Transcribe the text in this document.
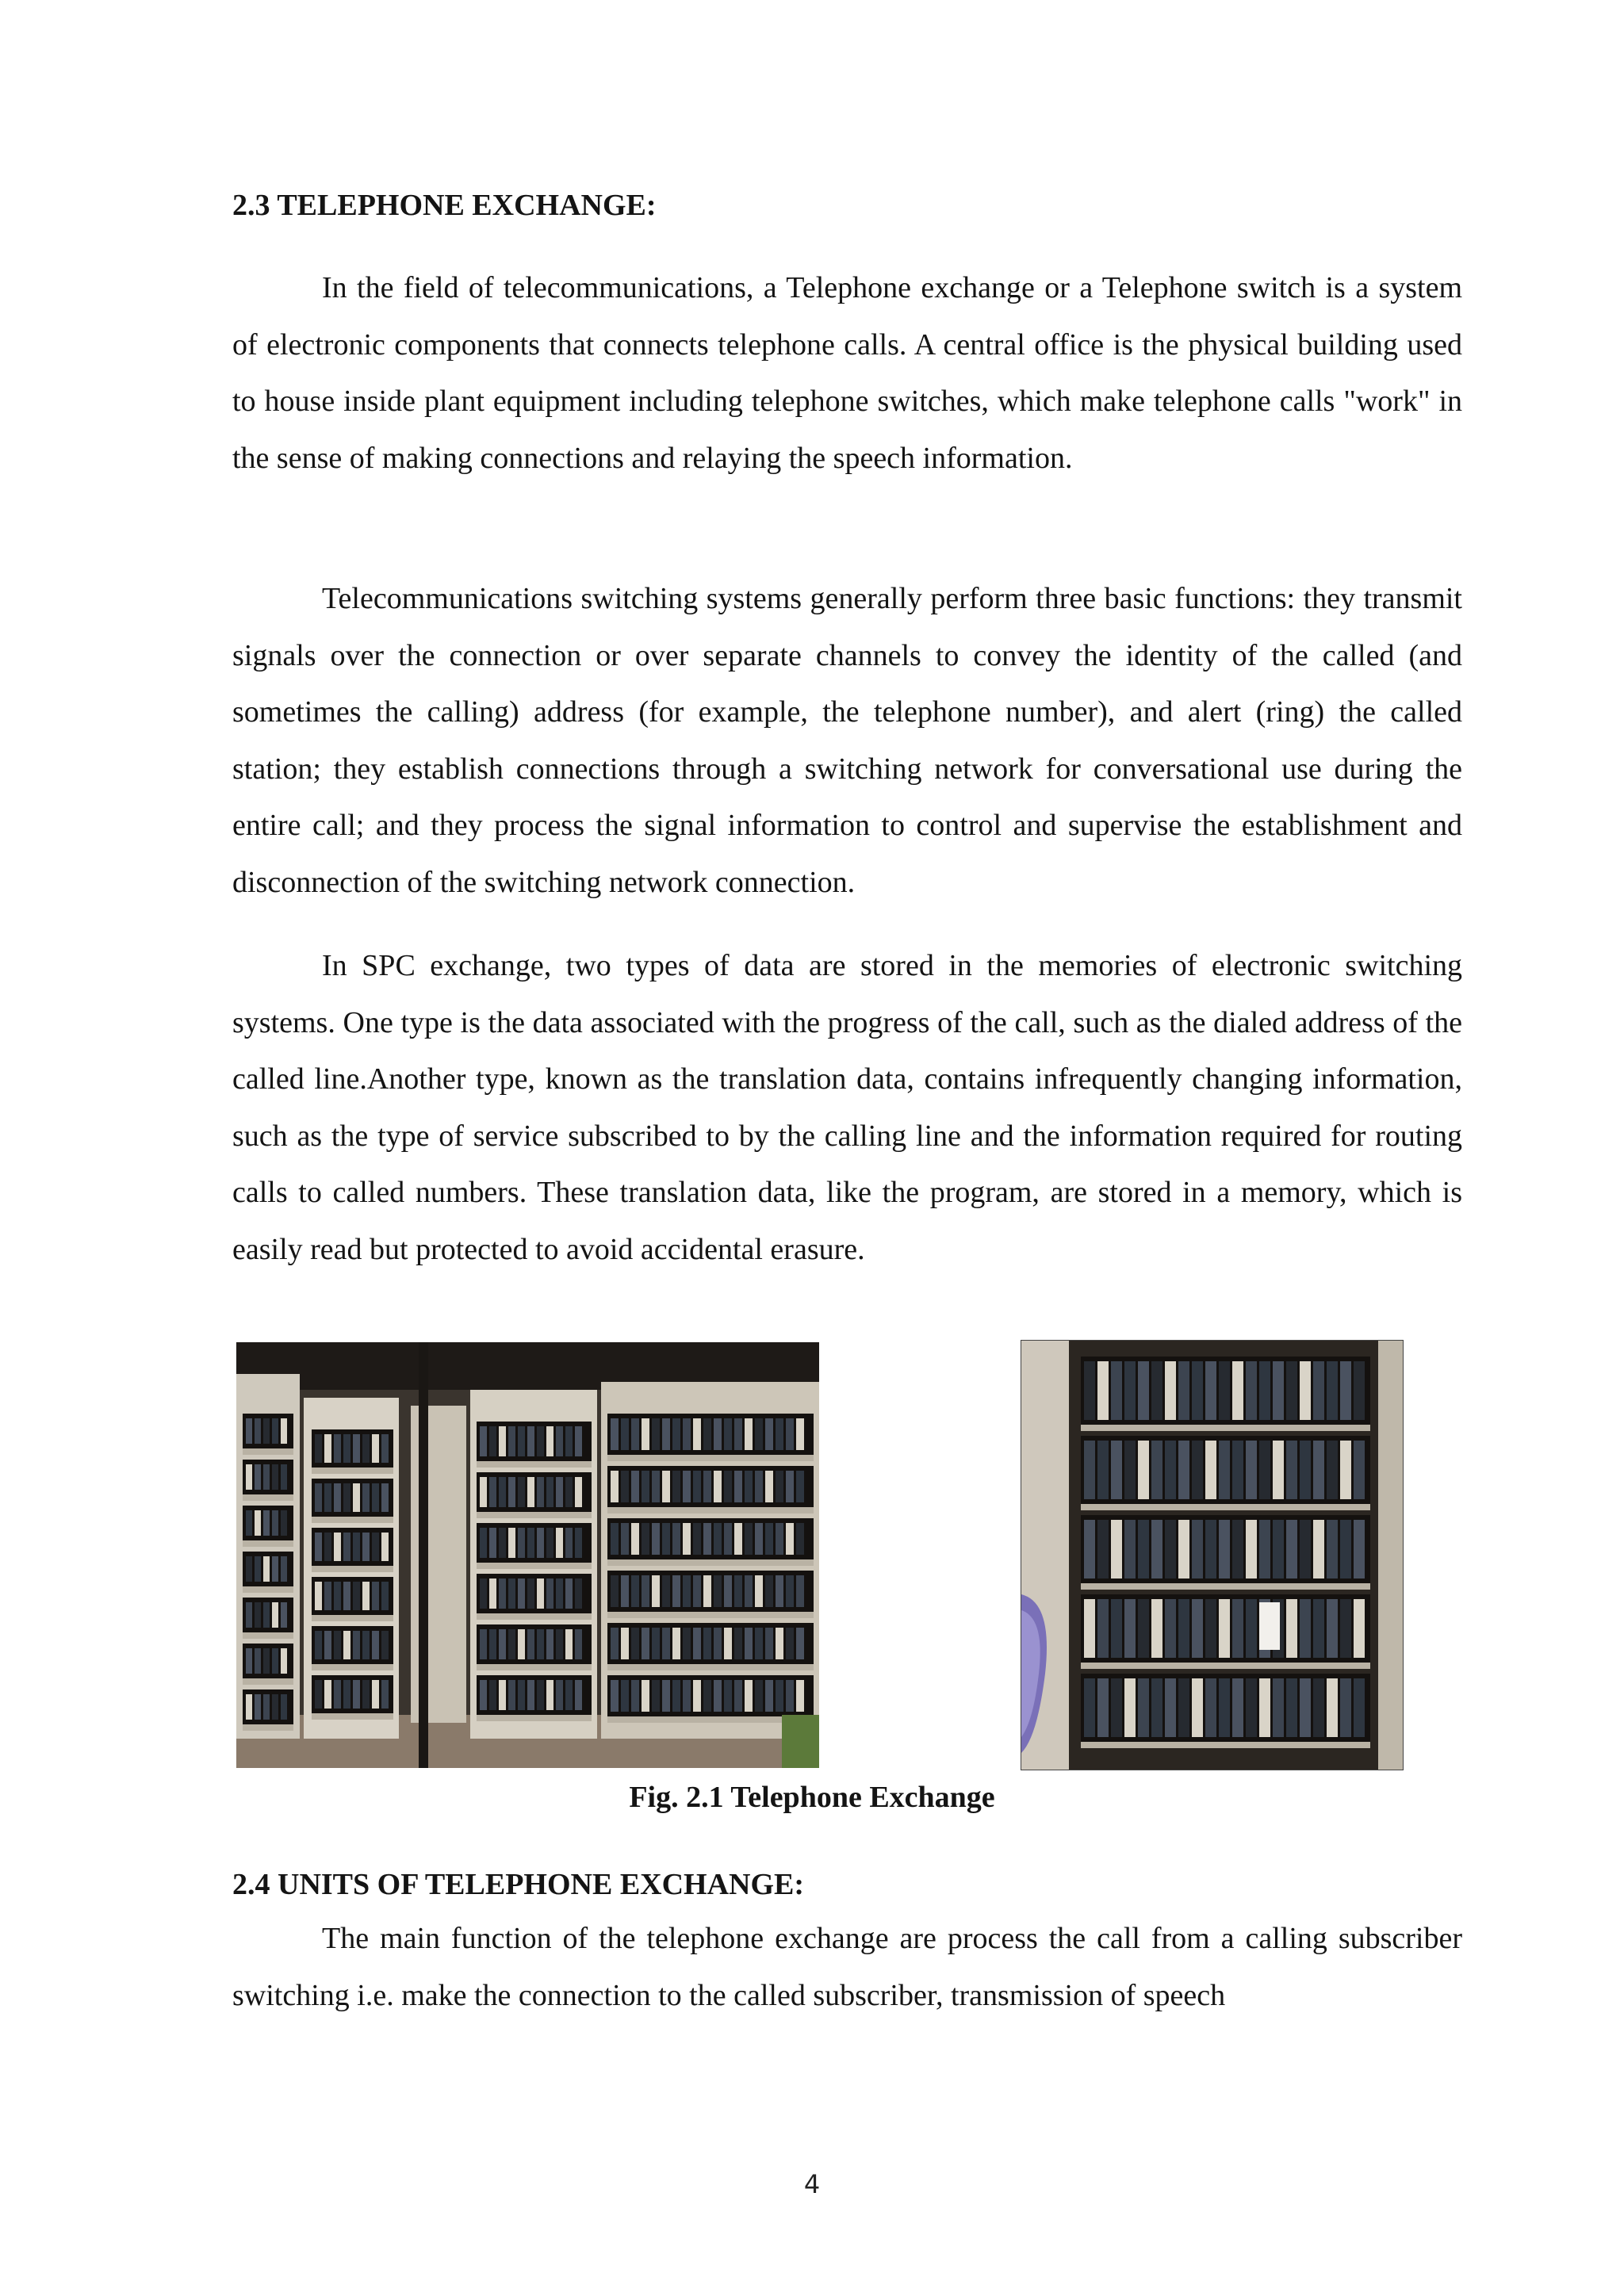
2.3 TELEPHONE EXCHANGE:

In the field of telecommunications, a Telephone exchange or a Telephone switch is a system of electronic components that connects telephone calls. A central office is the physical building used to house inside plant equipment including telephone switches, which make telephone calls "work" in the sense of making connections and relaying the speech information.

Telecommunications switching systems generally perform three basic functions: they transmit signals over the connection or over separate channels to convey the identity of the called (and sometimes the calling) address (for example, the telephone number), and alert (ring) the called station; they establish connections through a switching network for conversational use during the entire call; and they process the signal information to control and supervise the establishment and disconnection of the switching network connection.

In SPC exchange, two types of data are stored in the memories of electronic switching systems. One type is the data associated with the progress of the call, such as the dialed address of the called line.Another type, known as the translation data, contains infrequently changing information, such as the type of service subscribed to by the calling line and the information required for routing calls to called numbers. These translation data, like the program, are stored in a memory, which is easily read but protected to avoid accidental erasure.

Fig. 2.1 Telephone Exchange

2.4 UNITS OF TELEPHONE EXCHANGE:

The main function of the telephone exchange are process the call from a calling subscriber switching i.e. make the connection to the called subscriber, transmission of speech

4
